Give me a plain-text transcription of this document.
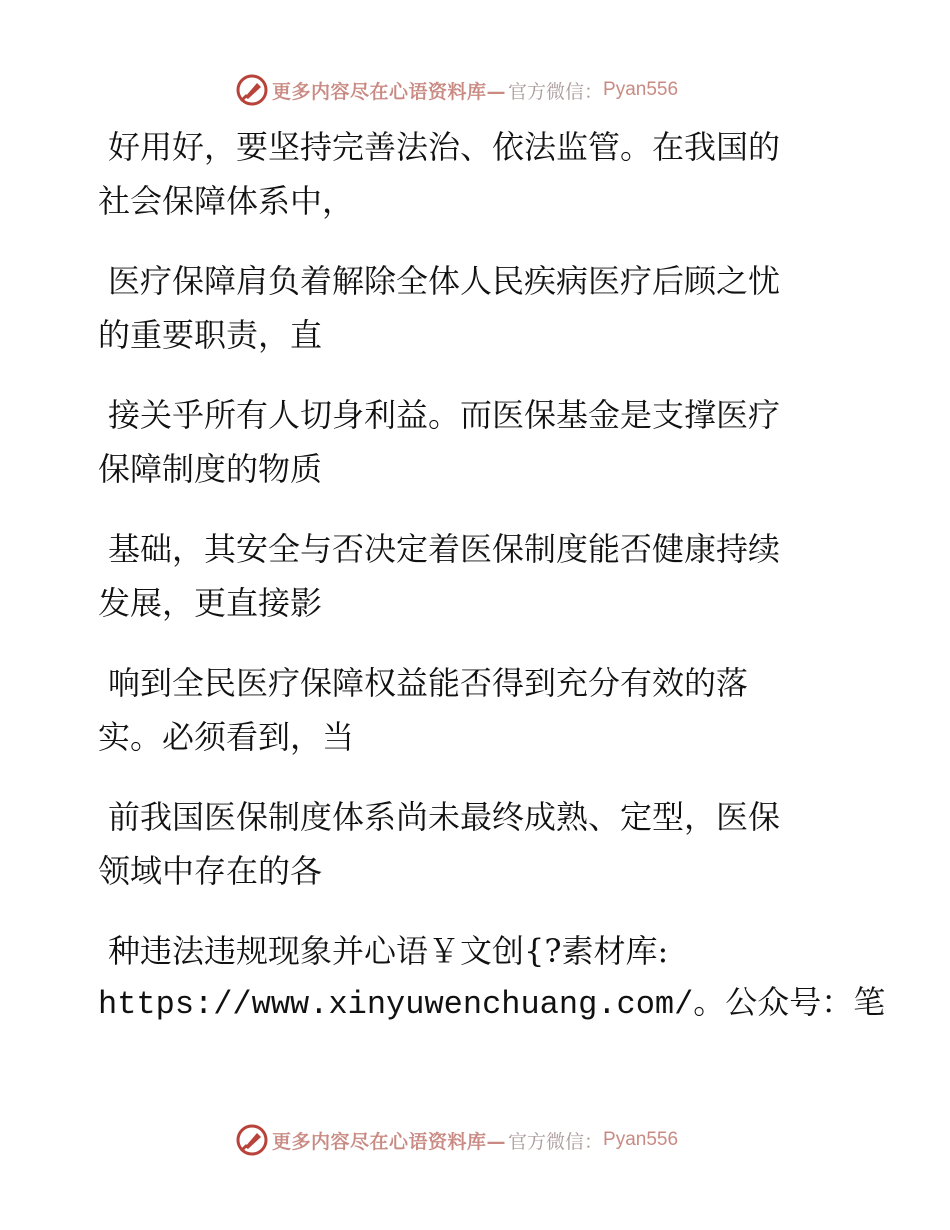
更多内容尽在心语资料库— 官方微信： Pyan556

好用好，要坚持完善法治、依法监管。在我国的
社会保障体系中，

医疗保障肩负着解除全体人民疾病医疗后顾之忧
的重要职责，直

接关乎所有人切身利益。而医保基金是支撑医疗
保障制度的物质

基础，其安全与否决定着医保制度能否健康持续
发展，更直接影

响到全民医疗保障权益能否得到充分有效的落
实。必须看到，当

前我国医保制度体系尚未最终成熟、定型，医保
领域中存在的各

种违法违规现象并心语￥文创{?素材库:
https://www.xinyuwenchuang.com/。公众号：笔

更多内容尽在心语资料库— 官方微信： Pyan556
